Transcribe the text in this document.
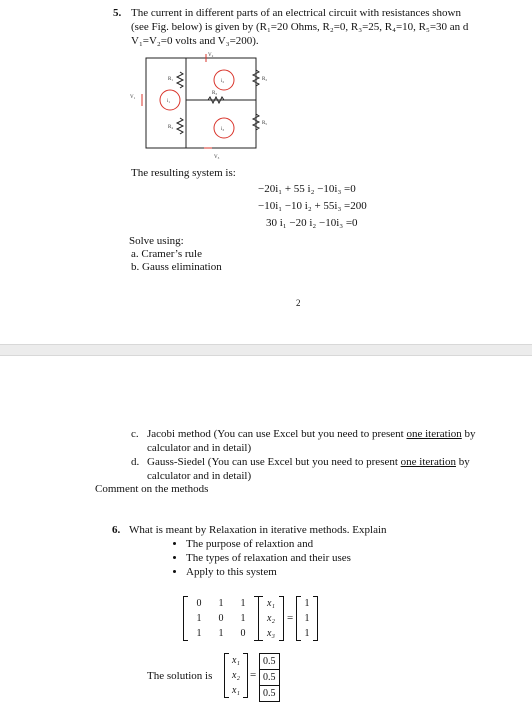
5. The current in different parts of an electrical circuit with resistances shown
(see Fig. below) is given by (R₁=20 Ohms, R₂=0, R₃=25, R₄=10, R₅=30 an d
V₁=V₂=0 volts and V₃=200).
V₁
V₂
V₃
R₁	R₂
R₃
R₄
R₅
i₁
i₂
i₃
The resulting system is:
−20i₁ + 55 i₂ −10i₃ =0
−10i₁ −10 i₂ + 55i₃ =200
30 i₁ −20 i₂ −10i₃ =0
Solve using:
a. Cramer’s rule
b. Gauss elimination
2
c. Jacobi method (You can use Excel but you need to present one iteration by
calculator and in detail)
d. Gauss-Siedel (You can use Excel but you need to present one iteration by
calculator and in detail)
Comment on the methods
6. What is meant by Relaxation in iterative methods. Explain
• The purpose of relaxtion and
• The types of relaxation and their uses
• Apply to this system
0	1	1
1	0	1
1	1	0
x₁
x₂
x₃
=
1
1
1
The solution is
x₁
x₂
x₁
=
0.5
0.5
0.5
